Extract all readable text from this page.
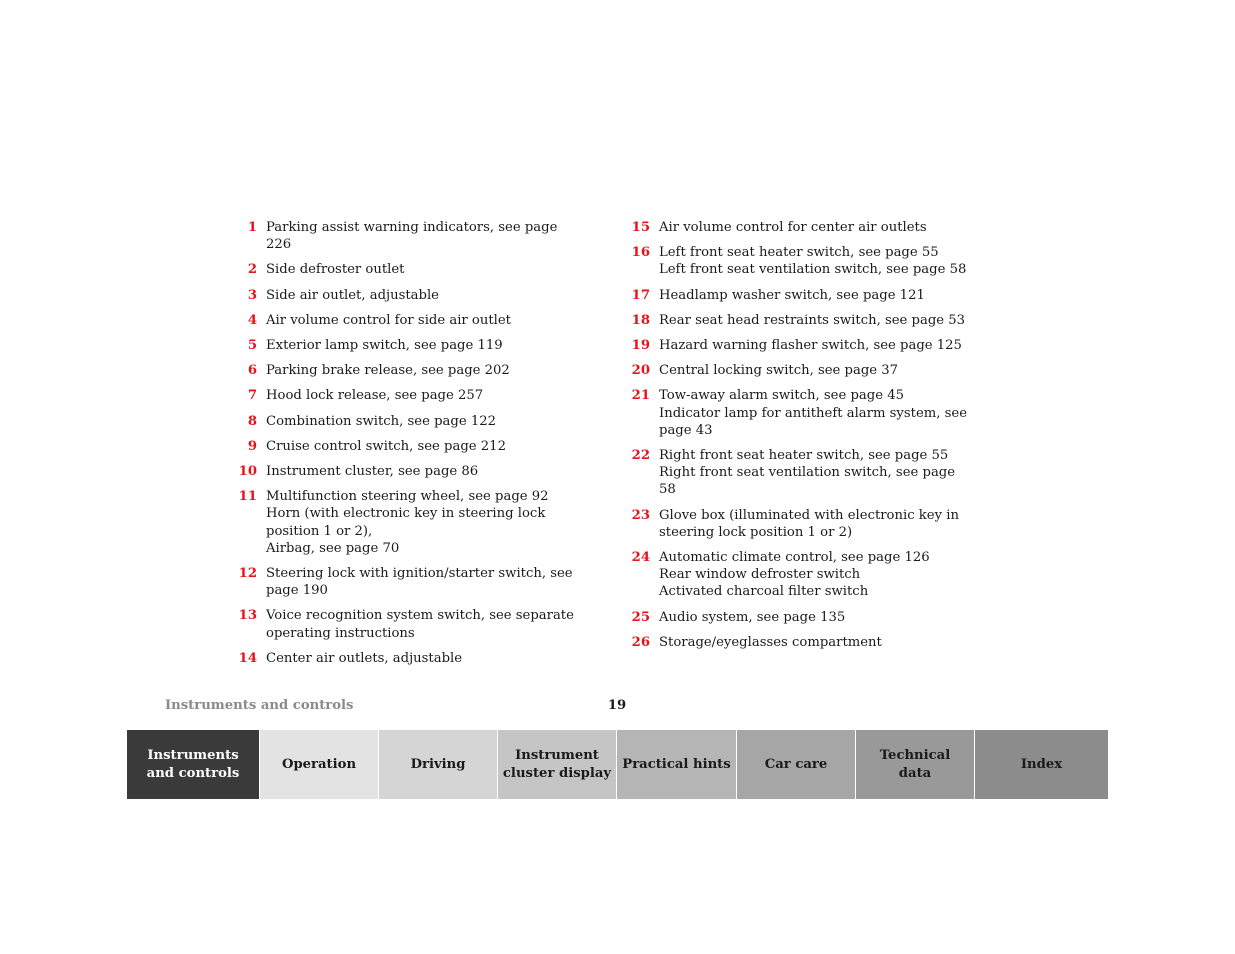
1 Parking assist warning indicators, see page 226
2 Side defroster outlet
3 Side air outlet, adjustable
4 Air volume control for side air outlet
5 Exterior lamp switch, see page 119
6 Parking brake release, see page 202
7 Hood lock release, see page 257
8 Combination switch, see page 122
9 Cruise control switch, see page 212
10 Instrument cluster, see page 86
11 Multifunction steering wheel, see page 92
Horn (with electronic key in steering lock
position 1 or 2),
Airbag, see page 70
12 Steering lock with ignition/starter switch, see
page 190
13 Voice recognition system switch, see separate
operating instructions
14 Center air outlets, adjustable
15 Air volume control for center air outlets
16 Left front seat heater switch, see page 55
Left front seat ventilation switch, see page 58
17 Headlamp washer switch, see page 121
18 Rear seat head restraints switch, see page 53
19 Hazard warning flasher switch, see page 125
20 Central locking switch, see page 37
21 Tow-away alarm switch, see page 45
Indicator lamp for antitheft alarm system, see
page 43
22 Right front seat heater switch, see page 55
Right front seat ventilation switch, see page 58
23 Glove box (illuminated with electronic key in
steering lock position 1 or 2)
24 Automatic climate control, see page 126
Rear window defroster switch
Activated charcoal filter switch
25 Audio system, see page 135
26 Storage/eyeglasses compartment
Instruments and controls	19
Instruments
and controls
Operation	Driving
Instrument
cluster display
Practical hints	Car care
Technical
data
Index
